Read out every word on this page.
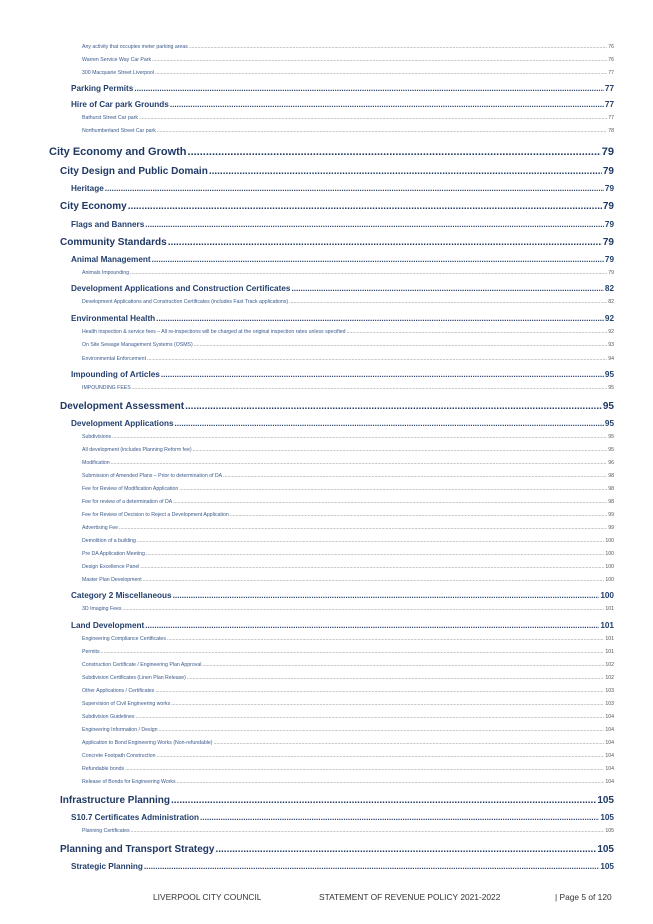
Any activity that occupies meter parking areas .....	76
Warren Service Way Car Park .....	76
300 Macquarie Street Liverpool .....	77
Parking Permits .....	77
Hire of Car park Grounds .....	77
Bathurst Street Car park .....	77
Northumberland Street Car park .....	78
City Economy and Growth .....	79
City Design and Public Domain .....	79
Heritage .....	79
City Economy .....	79
Flags and Banners .....	79
Community Standards .....	79
Animal Management .....	79
Animals Impounding .....	79
Development Applications and Construction Certificates .....	82
Development Applications and Construction Certificates (includes Fast Track applications) .....	82
Environmental Health .....	92
Health inspection & service fees – All re-inspections will be charged at the original inspection rates unless specified .....	92
On Site Sewage Management Systems (OSMS) .....	93
Environmental Enforcement .....	94
Impounding of Articles .....	95
IMPOUNDING FEES .....	95
Development Assessment .....	95
Development Applications .....	95
Subdivisions .....	95
All development (includes Planning Reform fee) .....	95
Modification .....	96
Submission of Amended Plans – Prior to determination of DA .....	98
Fee for Review of Modification Application .....	98
Fee for review of a determination of DA .....	98
Fee for Review of Decision to Reject a Development Application .....	99
Advertising Fee .....	99
Demolition of a building .....	100
Pre DA Application Meeting .....	100
Design Excellence Panel .....	100
Master Plan Development .....	100
Category 2 Miscellaneous .....	100
3D Imaging Fees .....	101
Land Development .....	101
Engineering Compliance Certificates .....	101
Permits .....	101
Construction Certificate / Engineering Plan Approval .....	102
Subdivision Certificates (Linen Plan Release) .....	102
Other Applications / Certificates .....	103
Supervision of Civil Engineering works .....	103
Subdivision Guidelines .....	104
Engineering Information / Design .....	104
Application to Bond Engineering Works (Non-refundable) .....	104
Concrete Footpath Construction .....	104
Refundable bonds .....	104
Release of Bonds for Engineering Works .....	104
Infrastructure Planning .....	105
S10.7 Certificates Administration .....	105
Planning Certificates .....	105
Planning and Transport Strategy .....	105
Strategic Planning .....	105
LIVERPOOL CITY COUNCIL	STATEMENT OF REVENUE POLICY 2021-2022	| Page 5 of 120
